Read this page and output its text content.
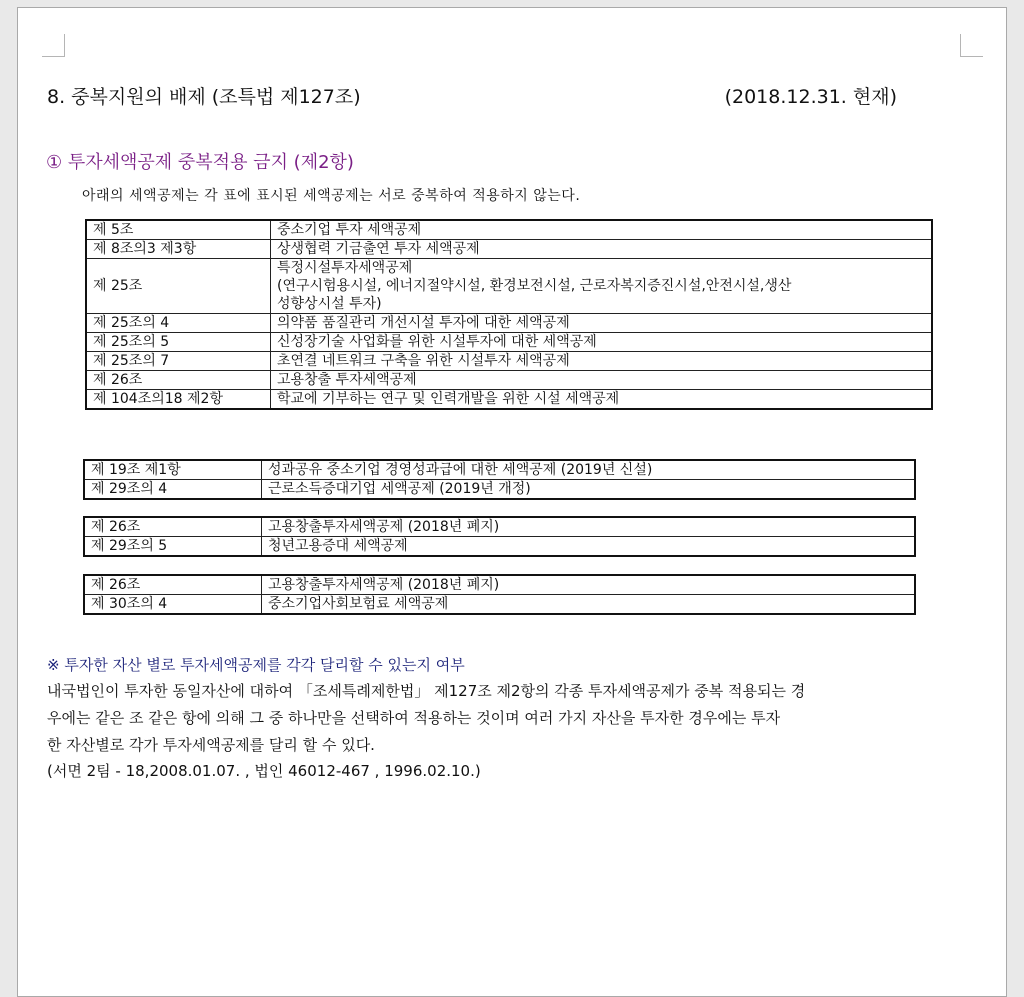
8. 중복지원의 배제 (조특법 제127조)	(2018.12.31. 현재)
① 투자세액공제 중복적용 금지 (제2항)
아래의 세액공제는 각 표에 표시된 세액공제는 서로 중복하여 적용하지 않는다.
제 5조	중소기업 투자 세액공제
제 8조의3 제3항	상생협력 기금출연 투자 세액공제
제 25조	특정시설투자세액공제
(연구시험용시설, 에너지절약시설, 환경보전시설, 근로자복지증진시설,안전시설,생산
성향상시설 투자)

제 25조의 4	의약품 품질관리 개선시설 투자에 대한 세액공제
제 25조의 5	신성장기술 사업화를 위한 시설투자에 대한 세액공제
제 25조의 7	초연결 네트워크 구축을 위한 시설투자 세액공제
제 26조	고용창출 투자세액공제
제 104조의18 제2항	학교에 기부하는 연구 및 인력개발을 위한 시설 세액공제
제 19조 제1항	성과공유 중소기업 경영성과급에 대한 세액공제 (2019년 신설)
제 29조의 4	근로소득증대기업 세액공제 (2019년 개정)
제 26조	고용창출투자세액공제 (2018년 폐지)
제 29조의 5	청년고용증대 세액공제
제 26조	고용창출투자세액공제 (2018년 폐지)
제 30조의 4	중소기업사회보험료 세액공제
※ 투자한 자산 별로 투자세액공제를 각각 달리할 수 있는지 여부
내국법인이 투자한 동일자산에 대하여 「조세특례제한법」 제127조 제2항의 각종 투자세액공제가 중복 적용되는 경
우에는 같은 조 같은 항에 의해 그 중 하나만을 선택하여 적용하는 것이며 여러 가지 자산을 투자한 경우에는 투자
한 자산별로 각가 투자세액공제를 달리 할 수 있다.
(서면 2팀 - 18,2008.01.07. , 법인 46012-467 , 1996.02.10.)
